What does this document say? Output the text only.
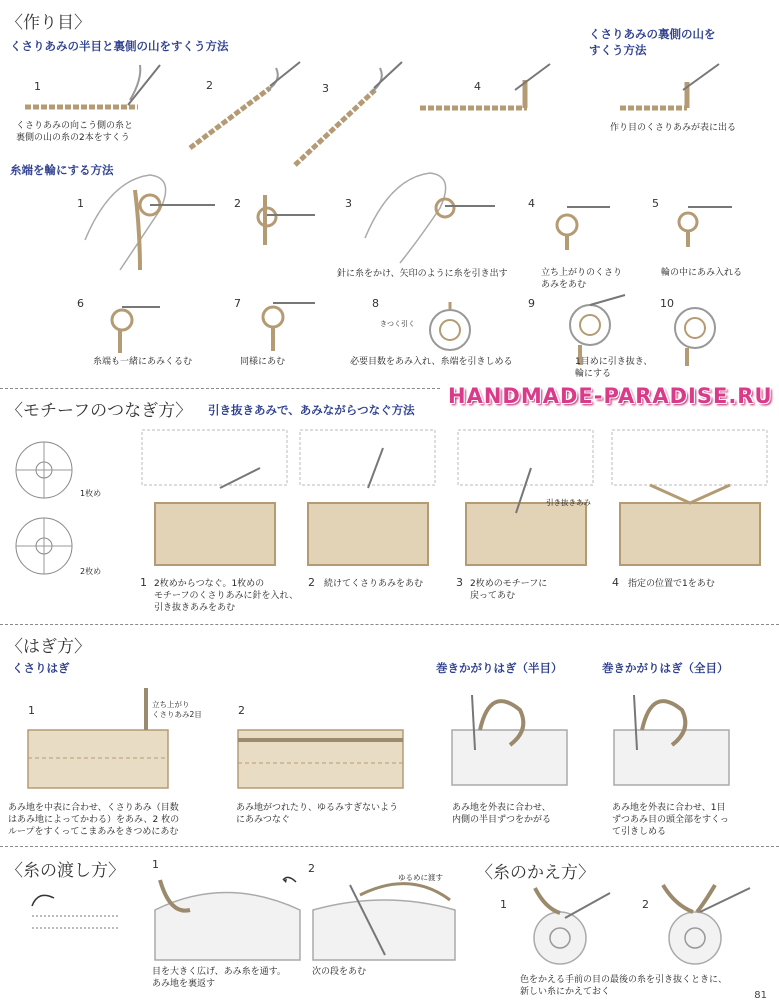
〈作り目〉
くさりあみの半目と裏側の山をすくう方法
くさりあみの裏側の山を
すくう方法
1	2	3	4
くさりあみの向こう側の糸と
裏側の山の糸の2本をすくう
作り目のくさりあみが表に出る
糸端を輪にする方法
1	2	3	4	5
6	7	8	9	10
針に糸をかけ、矢印のように糸を引き出す	立ち上がりのくさり
あみをあむ
輪の中にあみ入れる
きつく引く
糸端も一緒にあみくるむ	同様にあむ	必要目数をあみ入れ、糸端を引きしめる	1目めに引き抜き、
輪にする
HANDMADE-PARADISE.RU
〈モチーフのつなぎ方〉 引き抜きあみで、あみながらつなぐ方法
1枚め
2枚め
引き抜きあみ
1 2枚めからつなぐ。1枚めの
モチーフのくさりあみに針を入れ、
引き抜きあみをあむ
2 続けてくさりあみをあむ	3 2枚めのモチーフに
戻ってあむ
4 指定の位置で1をあむ
〈はぎ方〉
くさりはぎ	巻きかがりはぎ（半目）	巻きかがりはぎ（全目）
1	立ち上がり
くさりあみ2目	2
あみ地を中表に合わせ、くさりあみ（目数
はあみ地によってかわる）をあみ、2 枚の
ループをすくってこまあみをきつめにあむ
あみ地がつれたり、ゆるみすぎないよう
にあみつなぐ
あみ地を外表に合わせ、
内側の半目ずつをかがる
あみ地を外表に合わせ、1目
ずつあみ目の頭全部をすくっ
て引きしめる
〈糸の渡し方〉 1	2
ゆるめに渡す
目を大きく広げ、あみ糸を通す。
あみ地を裏返す
次の段をあむ
〈糸のかえ方〉
1	2
色をかえる手前の目の最後の糸を引き抜くときに、
新しい糸にかえておく	81
